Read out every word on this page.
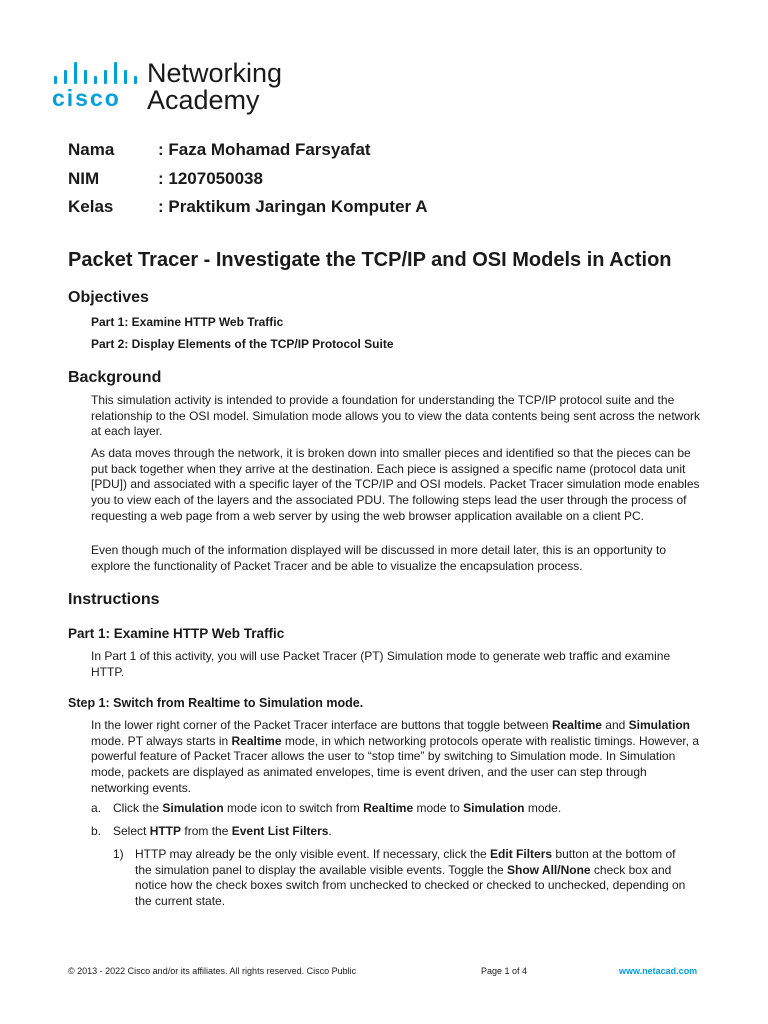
cisco
Networking
Academy
Nama	: Faza Mohamad Farsyafat
NIM	: 1207050038
Kelas	: Praktikum Jaringan Komputer A
Packet Tracer - Investigate the TCP/IP and OSI Models in Action
Objectives
Part 1: Examine HTTP Web Traffic
Part 2: Display Elements of the TCP/IP Protocol Suite
Background
This simulation activity is intended to provide a foundation for understanding the TCP/IP protocol suite and the relationship to the OSI model. Simulation mode allows you to view the data contents being sent across the network at each layer.
As data moves through the network, it is broken down into smaller pieces and identified so that the pieces can be put back together when they arrive at the destination. Each piece is assigned a specific name (protocol data unit [PDU]) and associated with a specific layer of the TCP/IP and OSI models. Packet Tracer simulation mode enables you to view each of the layers and the associated PDU. The following steps lead the user through the process of requesting a web page from a web server by using the web browser application available on a client PC.
Even though much of the information displayed will be discussed in more detail later, this is an opportunity to explore the functionality of Packet Tracer and be able to visualize the encapsulation process.
Instructions
Part 1: Examine HTTP Web Traffic
In Part 1 of this activity, you will use Packet Tracer (PT) Simulation mode to generate web traffic and examine HTTP.
Step 1: Switch from Realtime to Simulation mode.
In the lower right corner of the Packet Tracer interface are buttons that toggle between Realtime and Simulation mode. PT always starts in Realtime mode, in which networking protocols operate with realistic timings. However, a powerful feature of Packet Tracer allows the user to “stop time” by switching to Simulation mode. In Simulation mode, packets are displayed as animated envelopes, time is event driven, and the user can step through networking events.
a. Click the Simulation mode icon to switch from Realtime mode to Simulation mode.
b. Select HTTP from the Event List Filters.
1) HTTP may already be the only visible event. If necessary, click the Edit Filters button at the bottom of the simulation panel to display the available visible events. Toggle the Show All/None check box and notice how the check boxes switch from unchecked to checked or checked to unchecked, depending on the current state.
© 2013 - 2022 Cisco and/or its affiliates. All rights reserved. Cisco Public	Page 1 of 4	www.netacad.com
